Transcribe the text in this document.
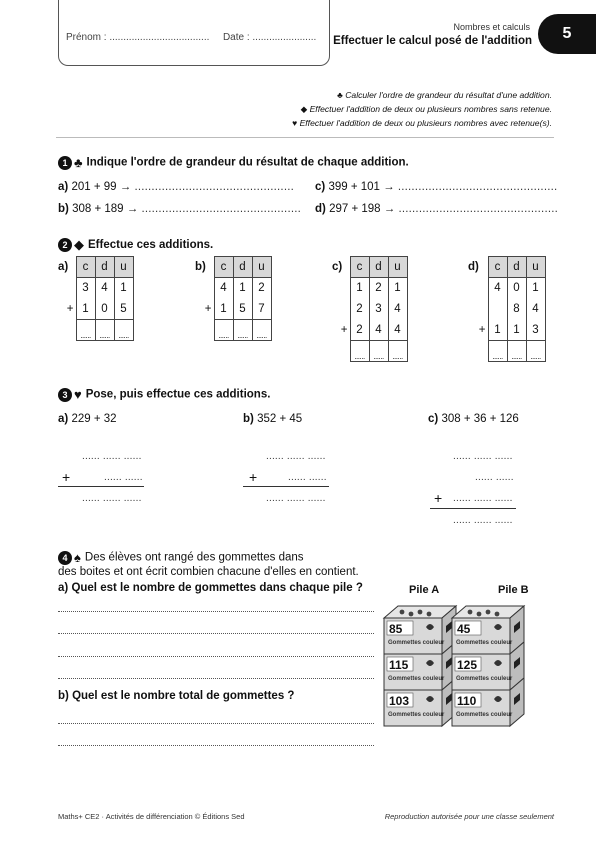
Prénom : .................................... Date : .......................
Nombres et calculs
Effectuer le calcul posé de l'addition	5
♣ Calculer l'ordre de grandeur du résultat d'une addition.
◆ Effectuer l'addition de deux ou plusieurs nombres sans retenue.
♥ Effectuer l'addition de deux ou plusieurs nombres avec retenue(s).
1 ♣ Indique l'ordre de grandeur du résultat de chaque addition.
a) 201 + 99 → ............................................... c) 399 + 101 → ...............................................
b) 308 + 189 → ............................................... d) 297 + 198 → ...............................................
2 ◆ Effectue ces additions.
a)
	c	d	u
	3	4	1
+	1	0	5
	......	......	......
b)
	c	d	u
	4	1	2
+	1	5	7
	......	......	......
c)
	c	d	u
	1	2	1
	2	3	4
+	2	4	4
	......	......	......
d)
	c	d	u
	4	0	1
		8	4
+	1	1	3
	......	......	......
3 ♥ Pose, puis effectue ces additions.
a) 229 + 32	b) 352 + 45	c) 308 + 36 + 126
...... ...... ......
+	...... ......
...... ...... ......
...... ...... ......
+	...... ......
...... ...... ......
...... ...... ......
...... ......
+ ...... ...... ......
...... ...... ......
4 ♠ Des élèves ont rangé des gommettes dans
des boites et ont écrit combien chacune d'elles en contient.
a) Quel est le nombre de gommettes dans chaque pile ?
b) Quel est le nombre total de gommettes ?
Pile A	Pile B
85
Gommettes couleur
115
Gommettes couleur
103
Gommettes couleur
45
Gommettes couleur
125
Gommettes couleur
110
Gommettes couleur
Maths+ CE2 · Activités de différenciation © Éditions Sed	Reproduction autorisée pour une classe seulement
